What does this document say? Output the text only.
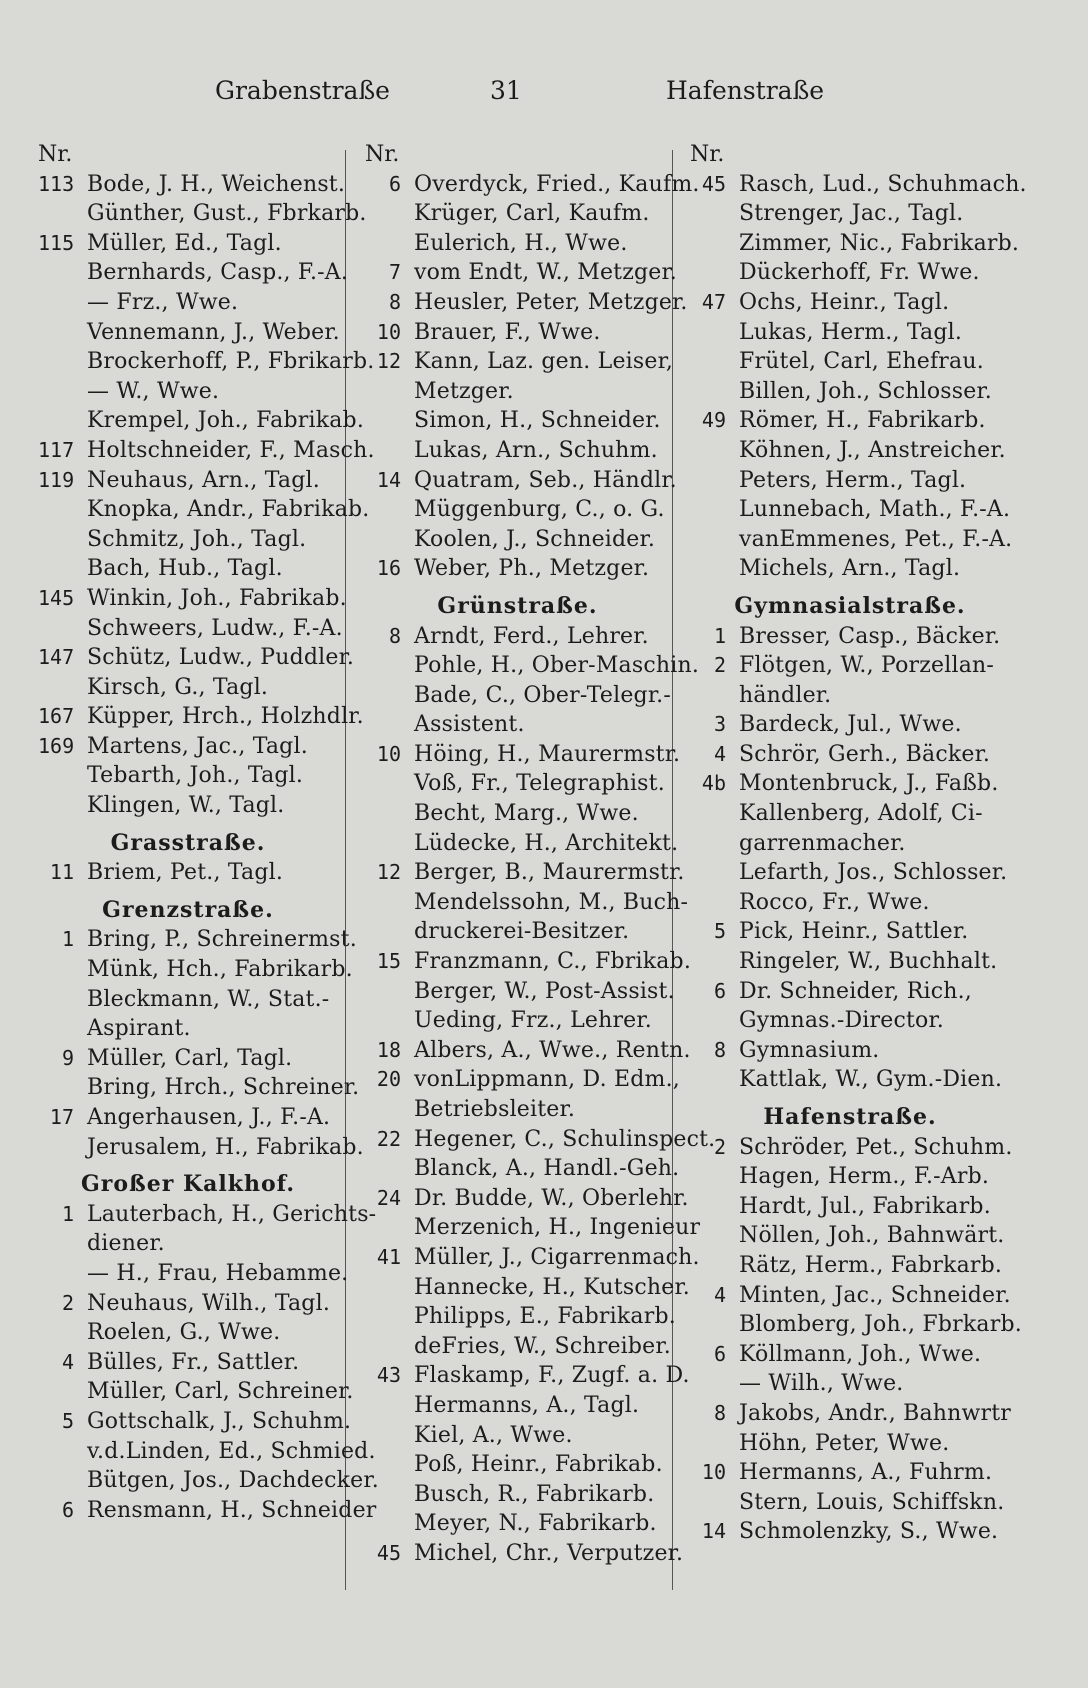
Grabenstraße	31	Hafenstraße
Nr.
113 Bode, J. H., Weichenst.
Günther, Gust., Fbrkarb.
115 Müller, Ed., Tagl.
Bernhards, Casp., F.-A.
— Frz., Wwe.
Vennemann, J., Weber.
Brockerhoff, P., Fbrikarb.
— W., Wwe.
Krempel, Joh., Fabrikab.
117 Holtschneider, F., Masch.
119 Neuhaus, Arn., Tagl.
Knopka, Andr., Fabrikab.
Schmitz, Joh., Tagl.
Bach, Hub., Tagl.
145 Winkin, Joh., Fabrikab.
Schweers, Ludw., F.-A.
147 Schütz, Ludw., Puddler.
Kirsch, G., Tagl.
167 Küpper, Hrch., Holzhdlr.
169 Martens, Jac., Tagl.
Tebarth, Joh., Tagl.
Klingen, W., Tagl.
Grasstraße.
11 Briem, Pet., Tagl.
Grenzstraße.
1 Bring, P., Schreinermst.
Münk, Hch., Fabrikarb.
Bleckmann, W., Stat.-
Aspirant.
9 Müller, Carl, Tagl.
Bring, Hrch., Schreiner.
17 Angerhausen, J., F.-A.
Jerusalem, H., Fabrikab.
Großer Kalkhof.
1 Lauterbach, H., Gerichts-
diener.
— H., Frau, Hebamme.
2 Neuhaus, Wilh., Tagl.
Roelen, G., Wwe.
4 Bülles, Fr., Sattler.
Müller, Carl, Schreiner.
5 Gottschalk, J., Schuhm.
v.d.Linden, Ed., Schmied.
Bütgen, Jos., Dachdecker.
6 Rensmann, H., Schneider
Nr.
6 Overdyck, Fried., Kaufm.
Krüger, Carl, Kaufm.
Eulerich, H., Wwe.
7 vom Endt, W., Metzger.
8 Heusler, Peter, Metzger.
10 Brauer, F., Wwe.
12 Kann, Laz. gen. Leiser,
Metzger.
Simon, H., Schneider.
Lukas, Arn., Schuhm.
14 Quatram, Seb., Händlr.
Müggenburg, C., o. G.
Koolen, J., Schneider.
16 Weber, Ph., Metzger.
Grünstraße.
8 Arndt, Ferd., Lehrer.
Pohle, H., Ober-Maschin.
Bade, C., Ober-Telegr.-
Assistent.
10 Höing, H., Maurermstr.
Voß, Fr., Telegraphist.
Becht, Marg., Wwe.
Lüdecke, H., Architekt.
12 Berger, B., Maurermstr.
Mendelssohn, M., Buch-
druckerei-Besitzer.
15 Franzmann, C., Fbrikab.
Berger, W., Post-Assist.
Ueding, Frz., Lehrer.
18 Albers, A., Wwe., Rentn.
20 vonLippmann, D. Edm.,
Betriebsleiter.
22 Hegener, C., Schulinspect.
Blanck, A., Handl.-Geh.
24 Dr. Budde, W., Oberlehr.
Merzenich, H., Ingenieur
41 Müller, J., Cigarrenmach.
Hannecke, H., Kutscher.
Philipps, E., Fabrikarb.
deFries, W., Schreiber.
43 Flaskamp, F., Zugf. a. D.
Hermanns, A., Tagl.
Kiel, A., Wwe.
Poß, Heinr., Fabrikab.
Busch, R., Fabrikarb.
Meyer, N., Fabrikarb.
45 Michel, Chr., Verputzer.
Nr.
45 Rasch, Lud., Schuhmach.
Strenger, Jac., Tagl.
Zimmer, Nic., Fabrikarb.
Dückerhoff, Fr. Wwe.
47 Ochs, Heinr., Tagl.
Lukas, Herm., Tagl.
Frütel, Carl, Ehefrau.
Billen, Joh., Schlosser.
49 Römer, H., Fabrikarb.
Köhnen, J., Anstreicher.
Peters, Herm., Tagl.
Lunnebach, Math., F.-A.
vanEmmenes, Pet., F.-A.
Michels, Arn., Tagl.
Gymnasialstraße.
1 Bresser, Casp., Bäcker.
2 Flötgen, W., Porzellan-
händler.
3 Bardeck, Jul., Wwe.
4 Schrör, Gerh., Bäcker.
4b Montenbruck, J., Faßb.
Kallenberg, Adolf, Ci-
garrenmacher.
Lefarth, Jos., Schlosser.
Rocco, Fr., Wwe.
5 Pick, Heinr., Sattler.
Ringeler, W., Buchhalt.
6 Dr. Schneider, Rich.,
Gymnas.-Director.
8 Gymnasium.
Kattlak, W., Gym.-Dien.
Hafenstraße.
2 Schröder, Pet., Schuhm.
Hagen, Herm., F.-Arb.
Hardt, Jul., Fabrikarb.
Nöllen, Joh., Bahnwärt.
Rätz, Herm., Fabrkarb.
4 Minten, Jac., Schneider.
Blomberg, Joh., Fbrkarb.
6 Köllmann, Joh., Wwe.
— Wilh., Wwe.
8 Jakobs, Andr., Bahnwrtr
Höhn, Peter, Wwe.
10 Hermanns, A., Fuhrm.
Stern, Louis, Schiffskn.
14 Schmolenzky, S., Wwe.
